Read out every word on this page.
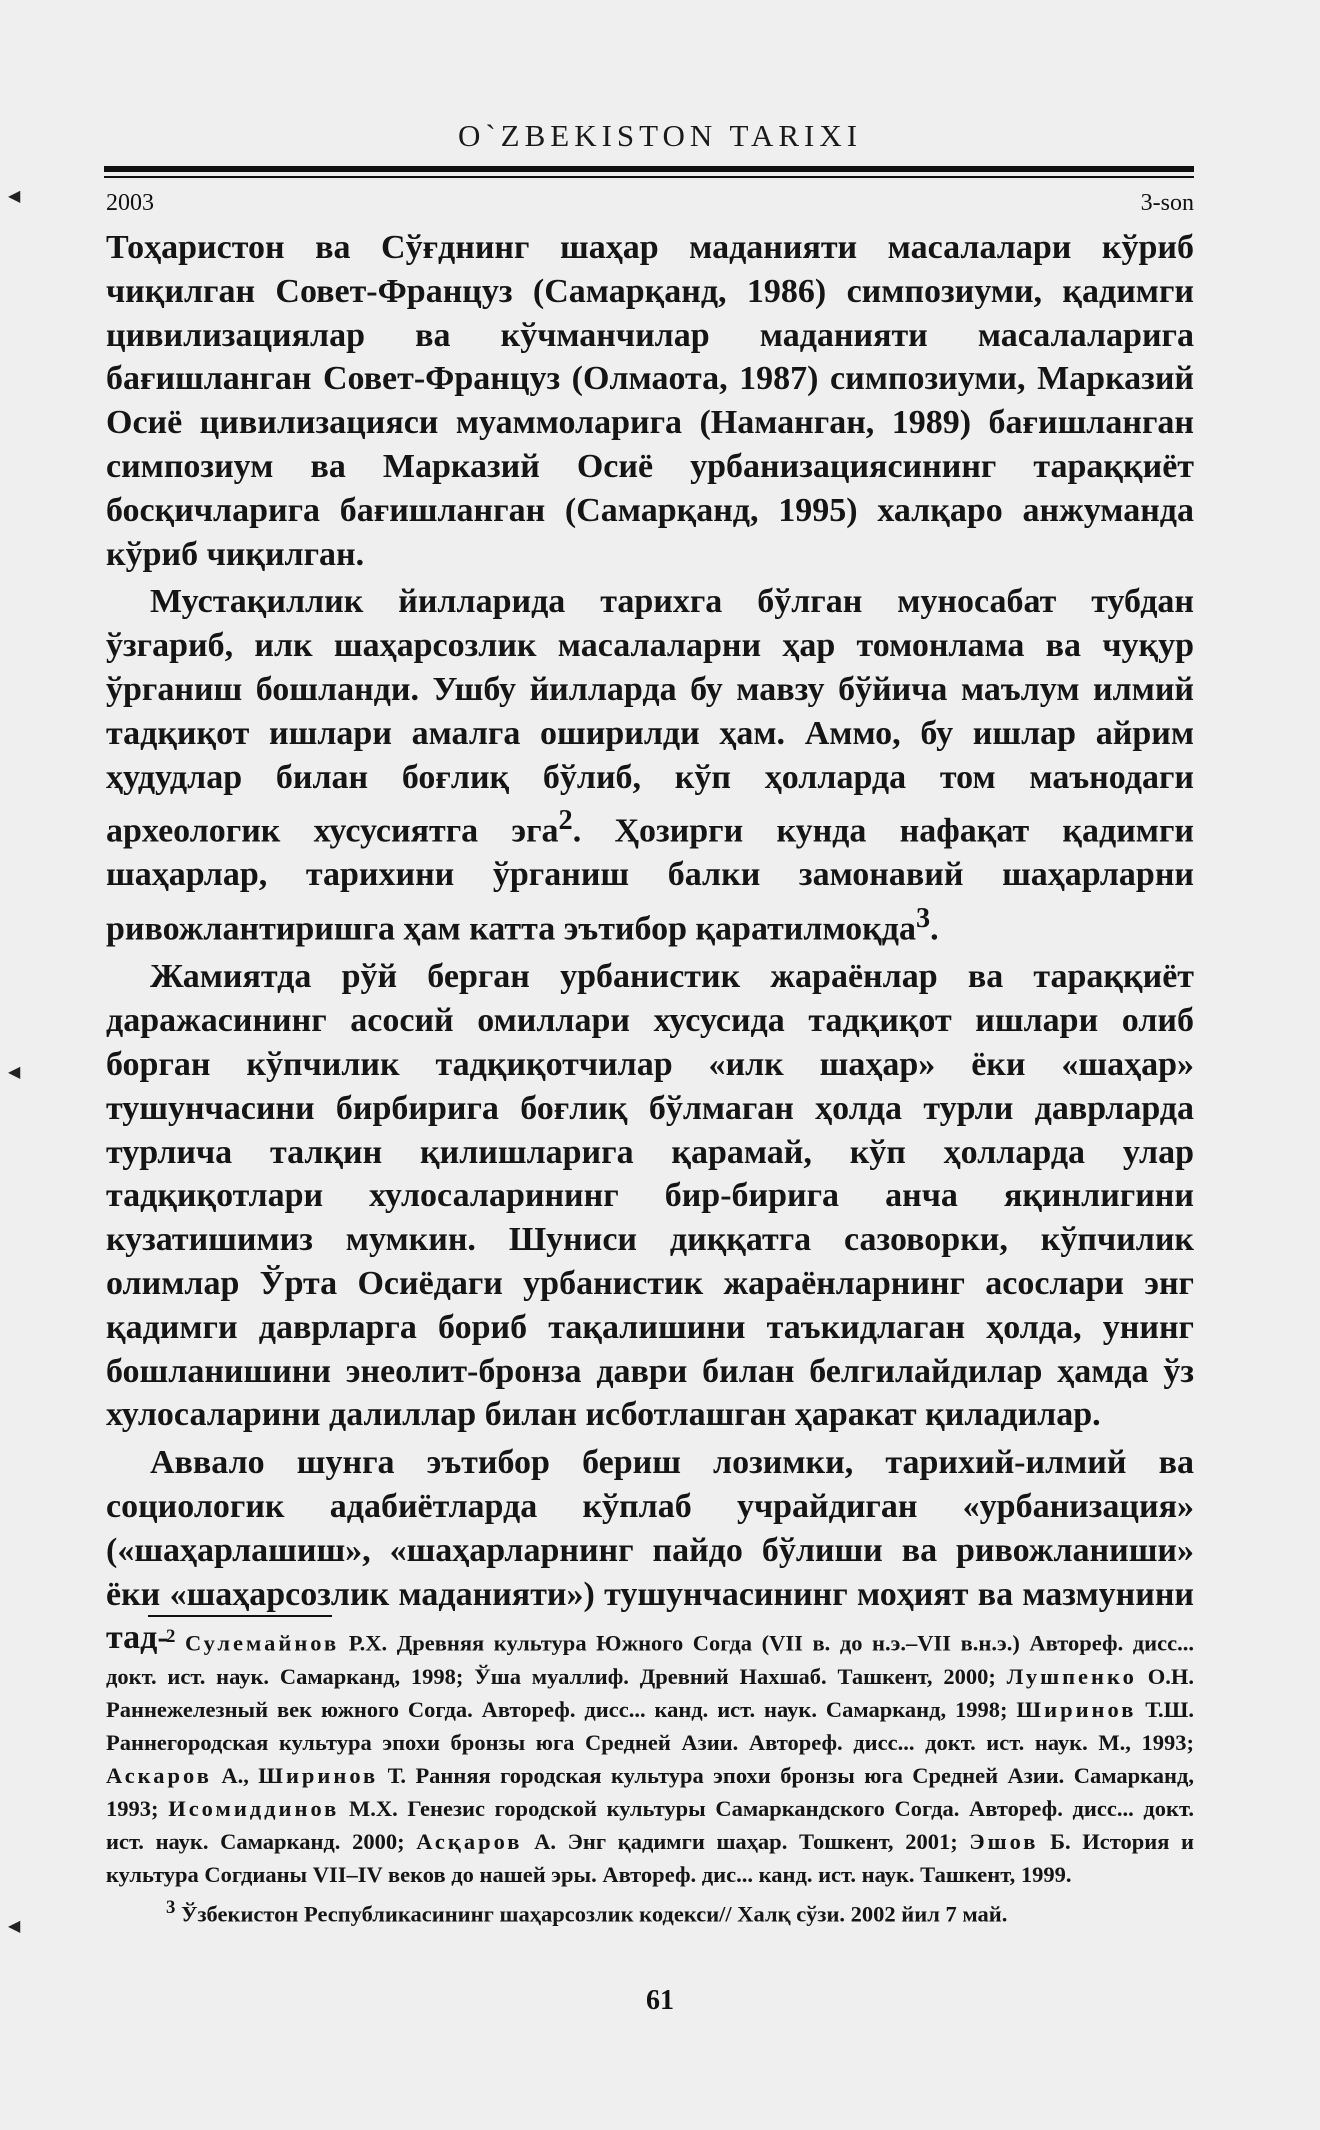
◀
◀
◀
O`ZBEKISTON TARIXI
2003	3-son

Тоҳаристон ва Сўғднинг шаҳар маданияти масалалари кўриб чиқилган Совет-Француз (Самарқанд, 1986) симпозиуми, қадимги цивилизациялар ва кўчманчилар маданияти масалаларига бағишланган Совет-Француз (Олмаота, 1987) симпозиуми, Марказий Осиё цивилизацияси муаммоларига (Наманган, 1989) бағишланган симпозиум ва Марказий Осиё урбанизациясининг тараққиёт босқичларига бағишланган (Самарқанд, 1995) халқаро анжуманда кўриб чиқилган.

Мустақиллик йилларида тарихга бўлган муносабат тубдан ўзгариб, илк шаҳарсозлик масалаларни ҳар томонлама ва чуқур ўрганиш бошланди. Ушбу йилларда бу мавзу бўйича маълум илмий тадқиқот ишлари амалга оширилди ҳам. Аммо, бу ишлар айрим ҳудудлар билан боғлиқ бўлиб, кўп ҳолларда том маънодаги археологик хусусиятга эга$^2$. Ҳозирги кунда нафақат қадимги шаҳарлар, тарихини ўрганиш балки замонавий шаҳарларни ривожлантиришга ҳам катта эътибор қаратилмоқда$^3$.

Жамиятда рўй берган урбанистик жараёнлар ва тараққиёт даражасининг асосий омиллари хусусида тадқиқот ишлари олиб борган кўпчилик тадқиқотчилар «илк шаҳар» ёки «шаҳар» тушунчасини бирбирига боғлиқ бўлмаган ҳолда турли даврларда турлича талқин қилишларига қарамай, кўп ҳолларда улар тадқиқотлари хулосаларининг бир-бирига анча яқинлигини кузатишимиз мумкин. Шуниси диққатга сазоворки, кўпчилик олимлар Ўрта Осиёдаги урбанистик жараёнларнинг асослари энг қадимги даврларга бориб тақалишини таъкидлаган ҳолда, унинг бошланишини энеолит-бронза даври билан белгилайдилар ҳамда ўз хулосаларини далиллар билан исботлашган ҳаракат қиладилар.

Аввало шунга эътибор бериш лозимки, тарихий-илмий ва социологик адабиётларда кўплаб учрайдиган «урбанизация» («шаҳарлашиш», «шаҳарларнинг пайдо бўлиши ва ривожланиши» ёки «шаҳарсозлик маданияти») тушунчасининг моҳият ва мазмунини тад-

$^2$ Сулемайнов Р.Х. Древняя культура Южного Согда (VII в. до н.э.–VII в.н.э.) Автореф. дисс... докт. ист. наук. Самарканд, 1998; Ўша муаллиф. Древний Нахшаб. Ташкент, 2000; Лушпенко О.Н. Раннежелезный век южного Согда. Автореф. дисс... канд. ист. наук. Самарканд, 1998; Ширинов Т.Ш. Раннегородская культура эпохи бронзы юга Средней Азии. Автореф. дисс... докт. ист. наук. М., 1993; Аскаров А., Ширинов Т. Ранняя городская культура эпохи бронзы юга Средней Азии. Самарканд, 1993; Исомиддинов М.Х. Генезис городской культуры Самаркандского Согда. Автореф. дисс... докт. ист. наук. Самарканд. 2000; Асқаров А. Энг қадимги шаҳар. Тошкент, 2001; Эшов Б. История и культура Согдианы VII–IV веков до нашей эры. Автореф. дис... канд. ист. наук. Ташкент, 1999.

$^3$ Ўзбекистон Республикасининг шаҳарсозлик кодекси// Халқ сўзи. 2002 йил 7 май.

61
